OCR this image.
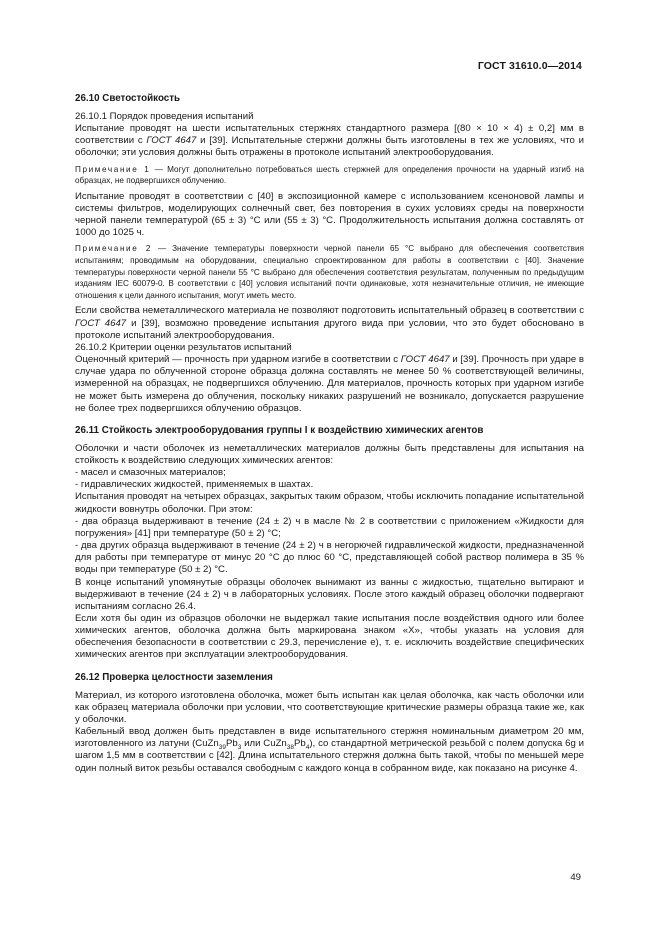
ГОСТ 31610.0—2014

26.10 Светостойкость

26.10.1 Порядок проведения испытаний

Испытание проводят на шести испытательных стержнях стандартного размера [(80 × 10 × 4) ± 0,2] мм в соответствии с ГОСТ 4647 и [39]. Испытательные стержни должны быть изготовлены в тех же условиях, что и оболочки; эти условия должны быть отражены в протоколе испытаний электрооборудования.

Примечание 1 — Могут дополнительно потребоваться шесть стержней для определения прочности на ударный изгиб на образцах, не подвергшихся облучению.

Испытание проводят в соответствии с [40] в экспозиционной камере с использованием ксеноновой лампы и системы фильтров, моделирующих солнечный свет, без повторения в сухих условиях среды на поверхности черной панели температурой (65 ± 3) °С или (55 ± 3) °С. Продолжительность испытания должна составлять от 1000 до 1025 ч.

Примечание 2 — Значение температуры поверхности черной панели 65 °С выбрано для обеспечения соответствия испытаниям; проводимым на оборудовании, специально спроектированном для работы в соответствии с [40]. Значение температуры поверхности черной панели 55 °С выбрано для обеспечения соответствия результатам, полученным по предыдущим изданиям IEC 60079-0. В соответствии с [40] условия испытаний почти одинаковые, хотя незначительные отличия, не имеющие отношения к цели данного испытания, могут иметь место.

Если свойства неметаллического материала не позволяют подготовить испытательный образец в соответствии с ГОСТ 4647 и [39], возможно проведение испытания другого вида при условии, что это будет обосновано в протоколе испытаний электрооборудования.

26.10.2 Критерии оценки результатов испытаний

Оценочный критерий — прочность при ударном изгибе в соответствии с ГОСТ 4647 и [39]. Прочность при ударе в случае удара по облученной стороне образца должна составлять не менее 50 % соответствующей величины, измеренной на образцах, не подвергшихся облучению. Для материалов, прочность которых при ударном изгибе не может быть измерена до облучения, поскольку никаких разрушений не возникало, допускается разрушение не более трех подвергшихся облучению образцов.

26.11 Стойкость электрооборудования группы I к воздействию химических агентов

Оболочки и части оболочек из неметаллических материалов должны быть представлены для испытания на стойкость к воздействию следующих химических агентов:

- масел и смазочных материалов;

- гидравлических жидкостей, применяемых в шахтах.

Испытания проводят на четырех образцах, закрытых таким образом, чтобы исключить попадание испытательной жидкости вовнутрь оболочки. При этом:

- два образца выдерживают в течение (24 ± 2) ч в масле № 2 в соответствии с приложением «Жидкости для погружения» [41] при температуре (50 ± 2) °С;

- два других образца выдерживают в течение (24 ± 2) ч в негорючей гидравлической жидкости, предназначенной для работы при температуре от минус 20 °С до плюс 60 °С, представляющей собой раствор полимера в 35 % воды при температуре (50 ± 2) °С.

В конце испытаний упомянутые образцы оболочек вынимают из ванны с жидкостью, тщательно вытирают и выдерживают в течение (24 ± 2) ч в лабораторных условиях. После этого каждый образец оболочки подвергают испытаниям согласно 26.4.

Если хотя бы один из образцов оболочки не выдержал такие испытания после воздействия одного или более химических агентов, оболочка должна быть маркирована знаком «X», чтобы указать на условия для обеспечения безопасности в соответствии с 29.3, перечисление е), т. е. исключить воздействие специфических химических агентов при эксплуатации электрооборудования.

26.12 Проверка целостности заземления

Материал, из которого изготовлена оболочка, может быть испытан как целая оболочка, как часть оболочки или как образец материала оболочки при условии, что соответствующие критические размеры образца такие же, как у оболочки.

Кабельный ввод должен быть представлен в виде испытательного стержня номинальным диаметром 20 мм, изготовленного из латуни ($CuZn_{39}Pb_3$ или $CuZn_{38}Pb_4$), со стандартной метрической резьбой с полем допуска 6g и шагом 1,5 мм в соответствии с [42]. Длина испытательного стержня должна быть такой, чтобы по меньшей мере один полный виток резьбы оставался свободным с каждого конца в собранном виде, как показано на рисунке 4.

49
